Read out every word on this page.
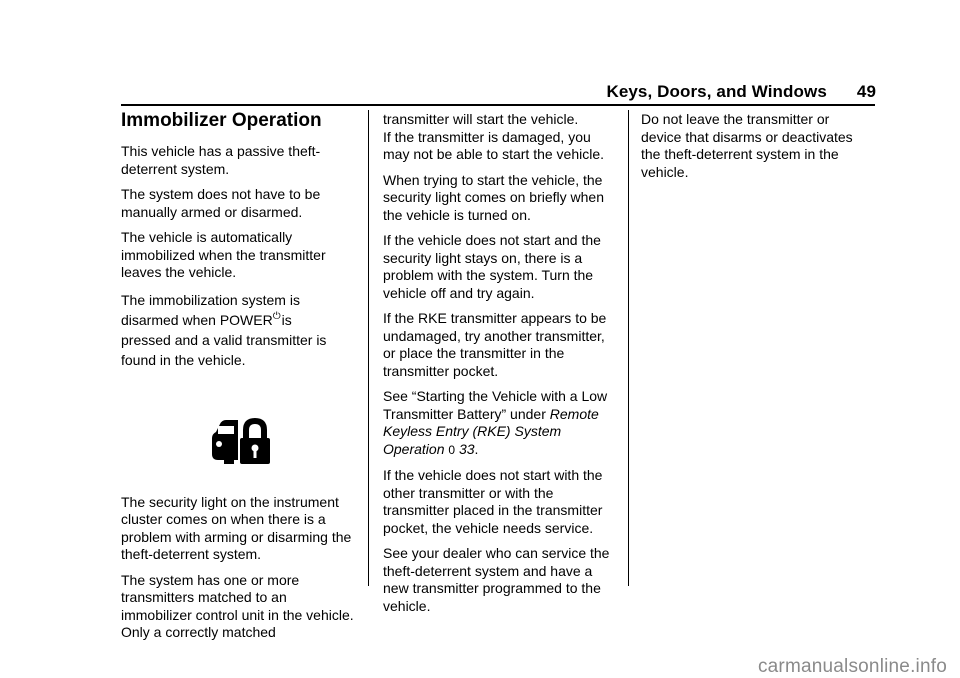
Keys, Doors, and Windows 49
Immobilizer Operation

This vehicle has a passive theft-deterrent system.

The system does not have to be manually armed or disarmed.

The vehicle is automatically immobilized when the transmitter leaves the vehicle.

The immobilization system is
disarmed when POWER⏻is
pressed and a valid transmitter is found in the vehicle.

The security light on the instrument cluster comes on when there is a problem with arming or disarming the theft-deterrent system.

The system has one or more transmitters matched to an immobilizer control unit in the vehicle. Only a correctly matched

transmitter will start the vehicle.

If the transmitter is damaged, you may not be able to start the vehicle.

When trying to start the vehicle, the security light comes on briefly when the vehicle is turned on.

If the vehicle does not start and the security light stays on, there is a problem with the system. Turn the vehicle off and try again.

If the RKE transmitter appears to be undamaged, try another transmitter, or place the transmitter in the transmitter pocket.

See “Starting the Vehicle with a Low Transmitter Battery” under Remote Keyless Entry (RKE) System Operation 0 33.

If the vehicle does not start with the other transmitter or with the transmitter placed in the transmitter pocket, the vehicle needs service.

See your dealer who can service the theft-deterrent system and have a new transmitter programmed to the vehicle.

Do not leave the transmitter or device that disarms or deactivates the theft-deterrent system in the vehicle.

carmanualsonline.info
